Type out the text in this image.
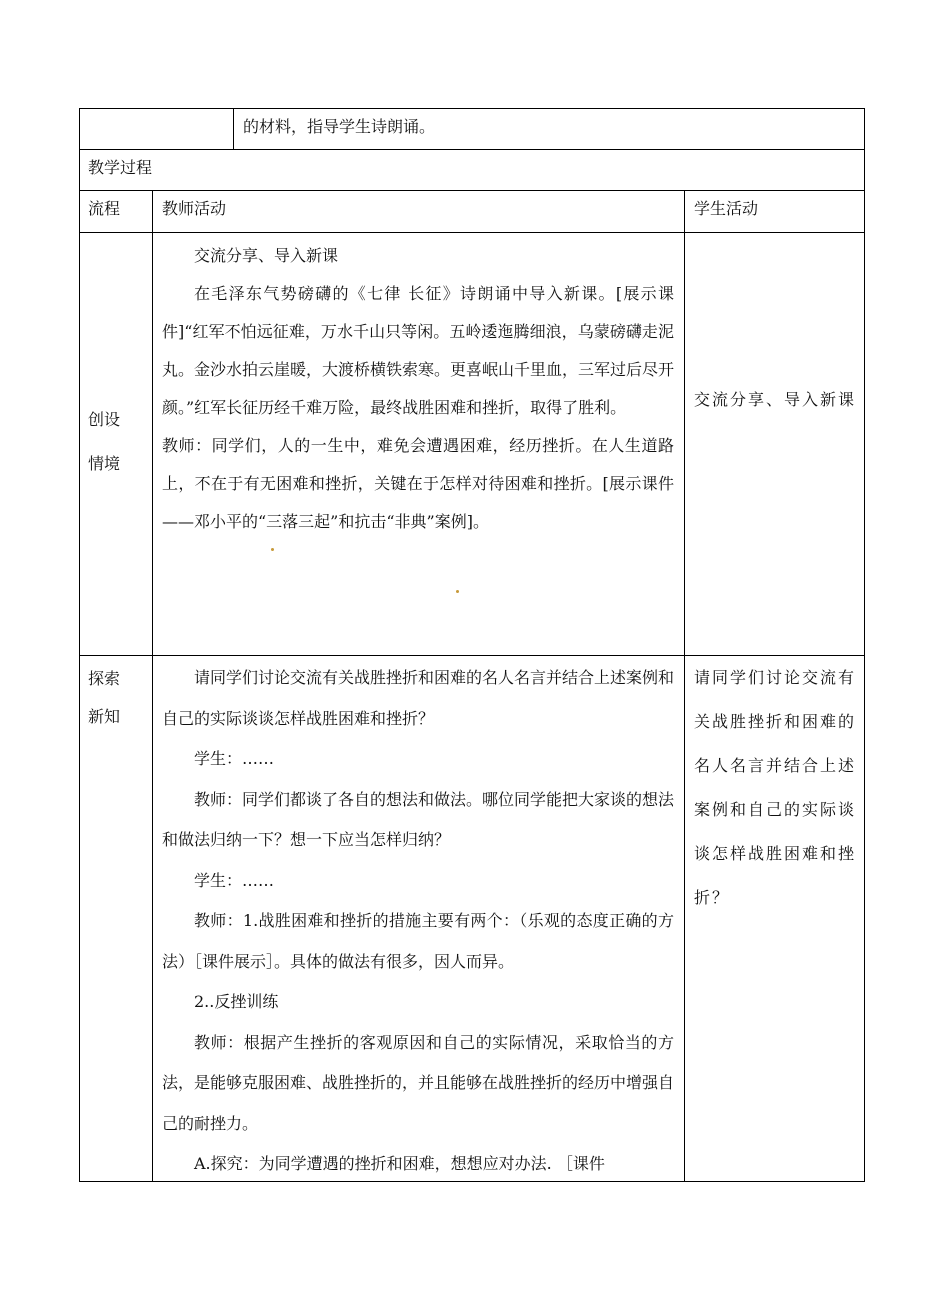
的材料，指导学生诗朗诵。
教学过程
流程	教师活动	学生活动
创设
情境

交流分享、导入新课

在毛泽东气势磅礴的《七律 长征》诗朗诵中导入新课。[展示课件]“红军不怕远征难，万水千山只等闲。五岭逶迤腾细浪，乌蒙磅礴走泥丸。金沙水拍云崖暖，大渡桥横铁索寒。更喜岷山千里血，三军过后尽开颜。”红军长征历经千难万险，最终战胜困难和挫折，取得了胜利。

教师：同学们，人的一生中，难免会遭遇困难，经历挫折。在人生道路上，不在于有无困难和挫折，关键在于怎样对待困难和挫折。[展示课件——邓小平的“三落三起”和抗击“非典”案例]。

交流分享、导入新课
探索
新知

请同学们讨论交流有关战胜挫折和困难的名人名言并结合上述案例和自己的实际谈谈怎样战胜困难和挫折？

学生：……

教师：同学们都谈了各自的想法和做法。哪位同学能把大家谈的想法和做法归纳一下？想一下应当怎样归纳？

学生：……

教师：1.战胜困难和挫折的措施主要有两个：（乐观的态度正确的方法）［课件展示］。具体的做法有很多，因人而异。

2..反挫训练

教师：根据产生挫折的客观原因和自己的实际情况，采取恰当的方法，是能够克服困难、战胜挫折的，并且能够在战胜挫折的经历中增强自己的耐挫力。

A.探究：为同学遭遇的挫折和困难，想想应对办法. ［课件

请同学们讨论交流有关战胜挫折和困难的名人名言并结合上述案例和自己的实际谈谈怎样战胜困难和挫折？
